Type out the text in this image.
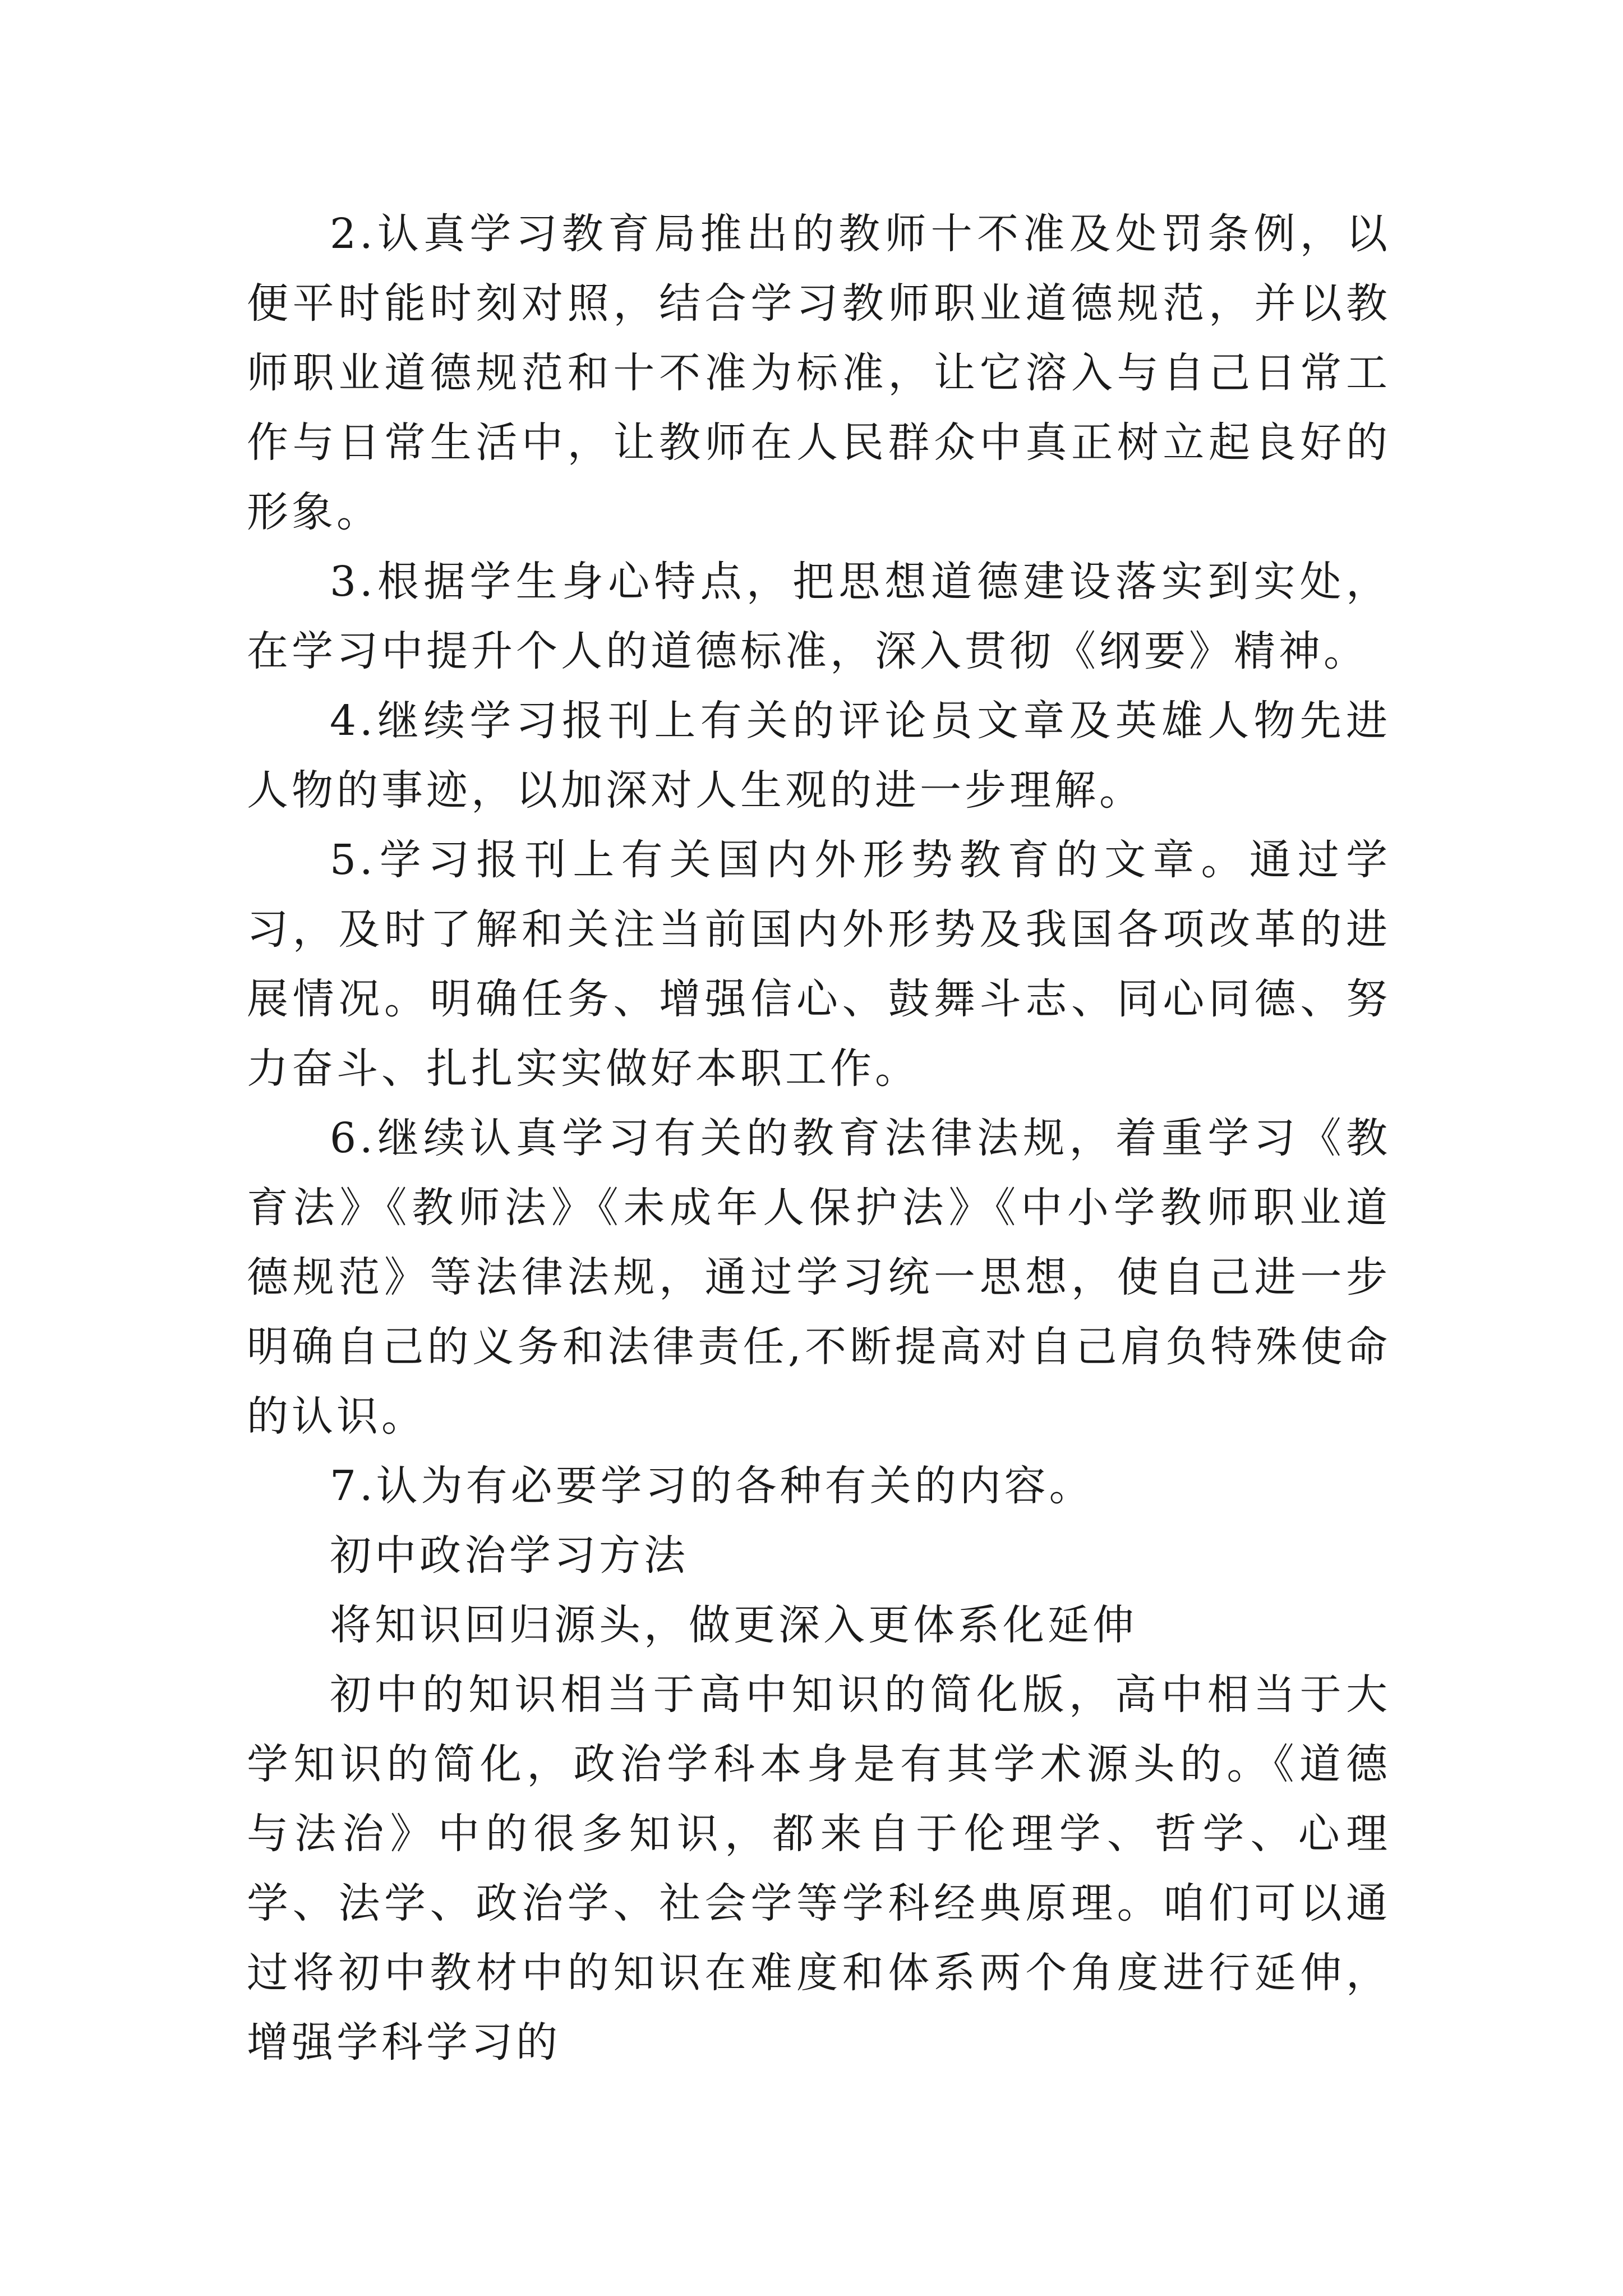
2.认真学习教育局推出的教师十不准及处罚条例，以便平时能时刻对照，结合学习教师职业道德规范，并以教师职业道德规范和十不准为标准，让它溶入与自己日常工作与日常生活中，让教师在人民群众中真正树立起良好的形象。

3.根据学生身心特点，把思想道德建设落实到实处，在学习中提升个人的道德标准，深入贯彻《纲要》精神。

4.继续学习报刊上有关的评论员文章及英雄人物先进人物的事迹，以加深对人生观的进一步理解。

5.学习报刊上有关国内外形势教育的文章。通过学习，及时了解和关注当前国内外形势及我国各项改革的进展情况。明确任务、增强信心、鼓舞斗志、同心同德、努力奋斗、扎扎实实做好本职工作。

6.继续认真学习有关的教育法律法规，着重学习《教育法》《教师法》《未成年人保护法》《中小学教师职业道德规范》等法律法规，通过学习统一思想，使自己进一步明确自己的义务和法律责任,不断提高对自己肩负特殊使命的认识。

7.认为有必要学习的各种有关的内容。

初中政治学习方法

将知识回归源头，做更深入更体系化延伸

初中的知识相当于高中知识的简化版，高中相当于大学知识的简化，政治学科本身是有其学术源头的。《道德与法治》中的很多知识，都来自于伦理学、哲学、心理学、法学、政治学、社会学等学科经典原理。咱们可以通过将初中教材中的知识在难度和体系两个角度进行延伸，增强学科学习的
